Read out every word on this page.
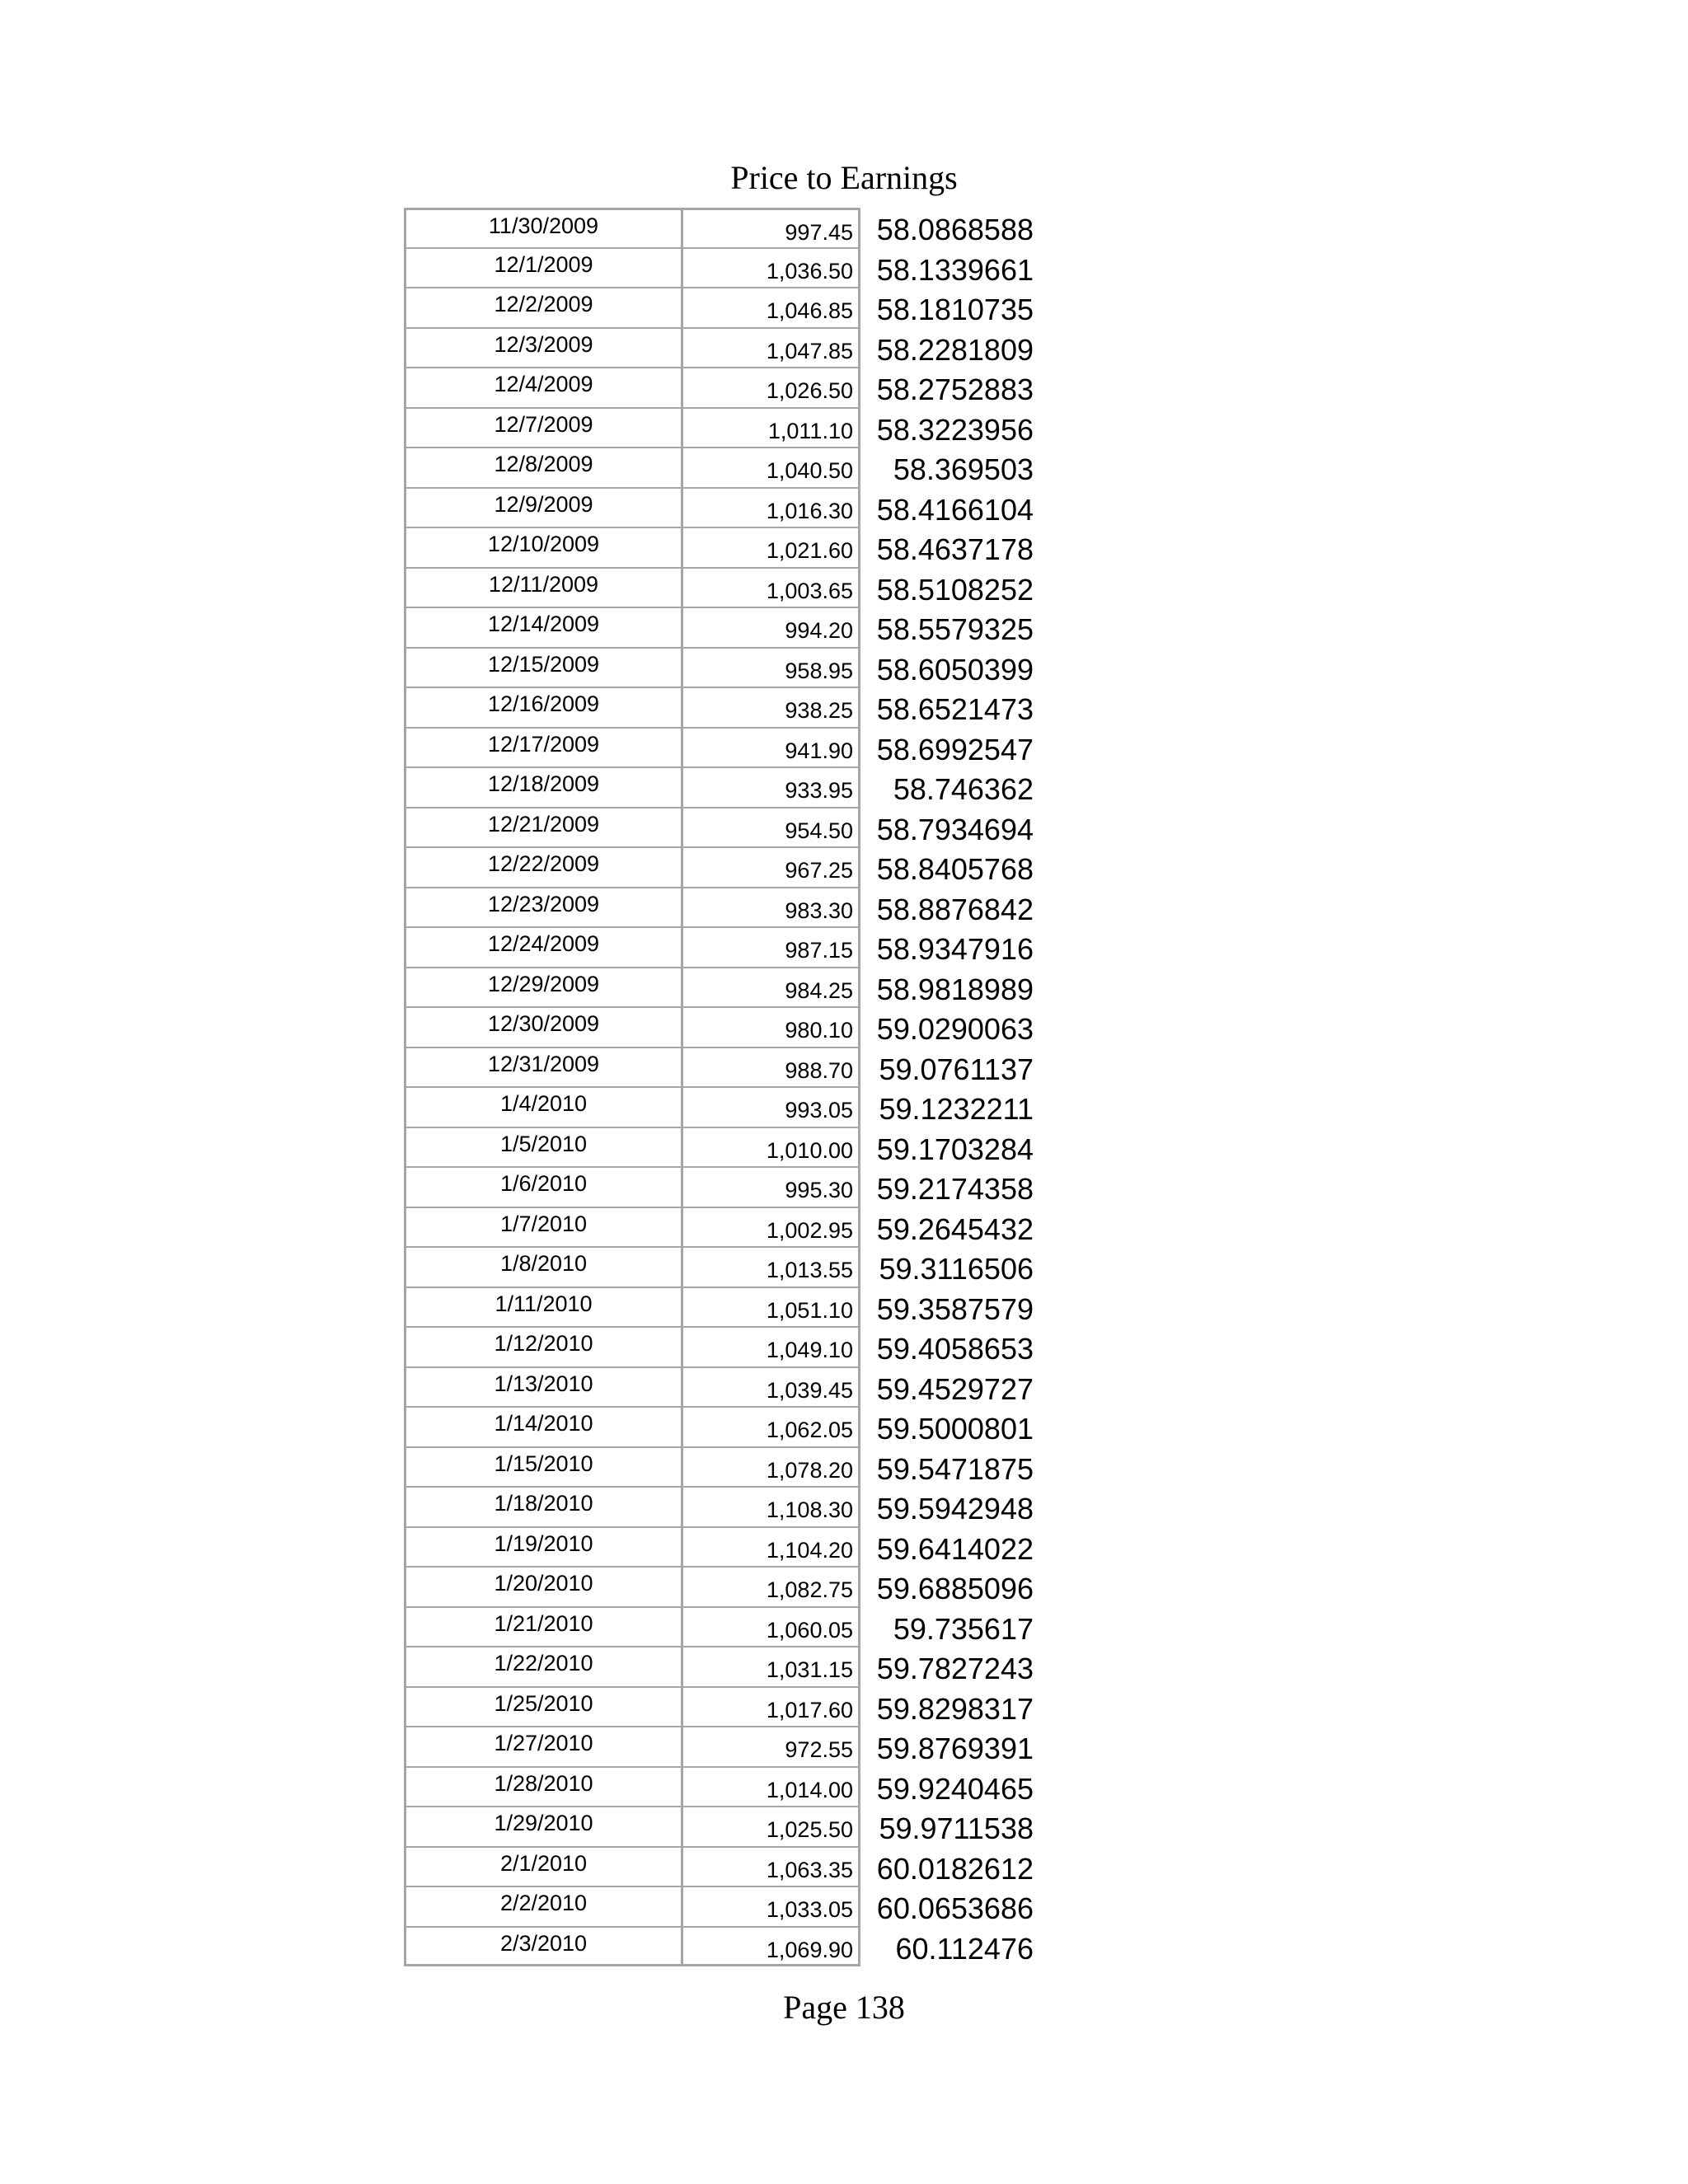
Price to Earnings
11/30/2009	997.45 58.0868588
12/1/2009	1,036.50 58.1339661
12/2/2009	1,046.85 58.1810735
12/3/2009	1,047.85 58.2281809
12/4/2009	1,026.50 58.2752883
12/7/2009	1,011.10 58.3223956
12/8/2009	1,040.50	58.369503
12/9/2009	1,016.30 58.4166104
12/10/2009	1,021.60 58.4637178
12/11/2009	1,003.65 58.5108252
12/14/2009	994.20 58.5579325
12/15/2009	958.95 58.6050399
12/16/2009	938.25 58.6521473
12/17/2009	941.90 58.6992547
12/18/2009	933.95	58.746362
12/21/2009	954.50 58.7934694
12/22/2009	967.25 58.8405768
12/23/2009	983.30 58.8876842
12/24/2009	987.15 58.9347916
12/29/2009	984.25 58.9818989
12/30/2009	980.10 59.0290063
12/31/2009	988.70 59.0761137
1/4/2010	993.05 59.1232211
1/5/2010	1,010.00 59.1703284
1/6/2010	995.30 59.2174358
1/7/2010	1,002.95 59.2645432
1/8/2010	1,013.55 59.3116506
1/11/2010	1,051.10 59.3587579
1/12/2010	1,049.10 59.4058653
1/13/2010	1,039.45 59.4529727
1/14/2010	1,062.05 59.5000801
1/15/2010	1,078.20 59.5471875
1/18/2010	1,108.30 59.5942948
1/19/2010	1,104.20 59.6414022
1/20/2010	1,082.75 59.6885096
1/21/2010	1,060.05	59.735617
1/22/2010	1,031.15 59.7827243
1/25/2010	1,017.60 59.8298317
1/27/2010	972.55 59.8769391
1/28/2010	1,014.00 59.9240465
1/29/2010	1,025.50 59.9711538
2/1/2010	1,063.35 60.0182612
2/2/2010	1,033.05 60.0653686
2/3/2010	1,069.90	60.112476
Page 138
